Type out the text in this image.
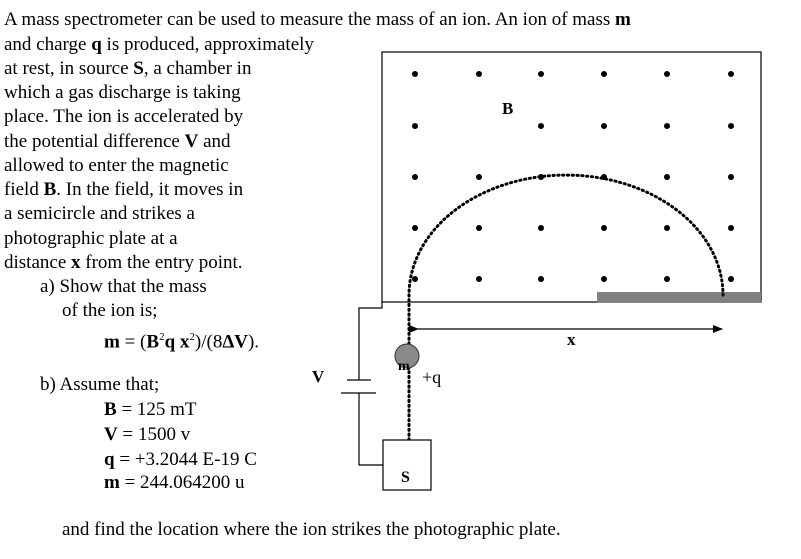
A mass spectrometer can be used to measure the mass of an ion. An ion of mass m
and charge q is produced, approximately
at rest, in source S, a chamber in
which a gas discharge is taking
place. The ion is accelerated by
the potential difference V and
allowed to enter the magnetic
field B. In the field, it moves in
a semicircle and strikes a
photographic plate at a
distance x from the entry point.
a) Show that the mass
of the ion is;
$m = (B^2q$ $x^2)/(8\Delta V)$.
b) Assume that;
B = 125 mT
V = 1500 v
q = +3.2044 E-19 C
m = 244.064200 u
and find the location where the ion strikes the photographic plate.
B
x
V
m
+q
S
